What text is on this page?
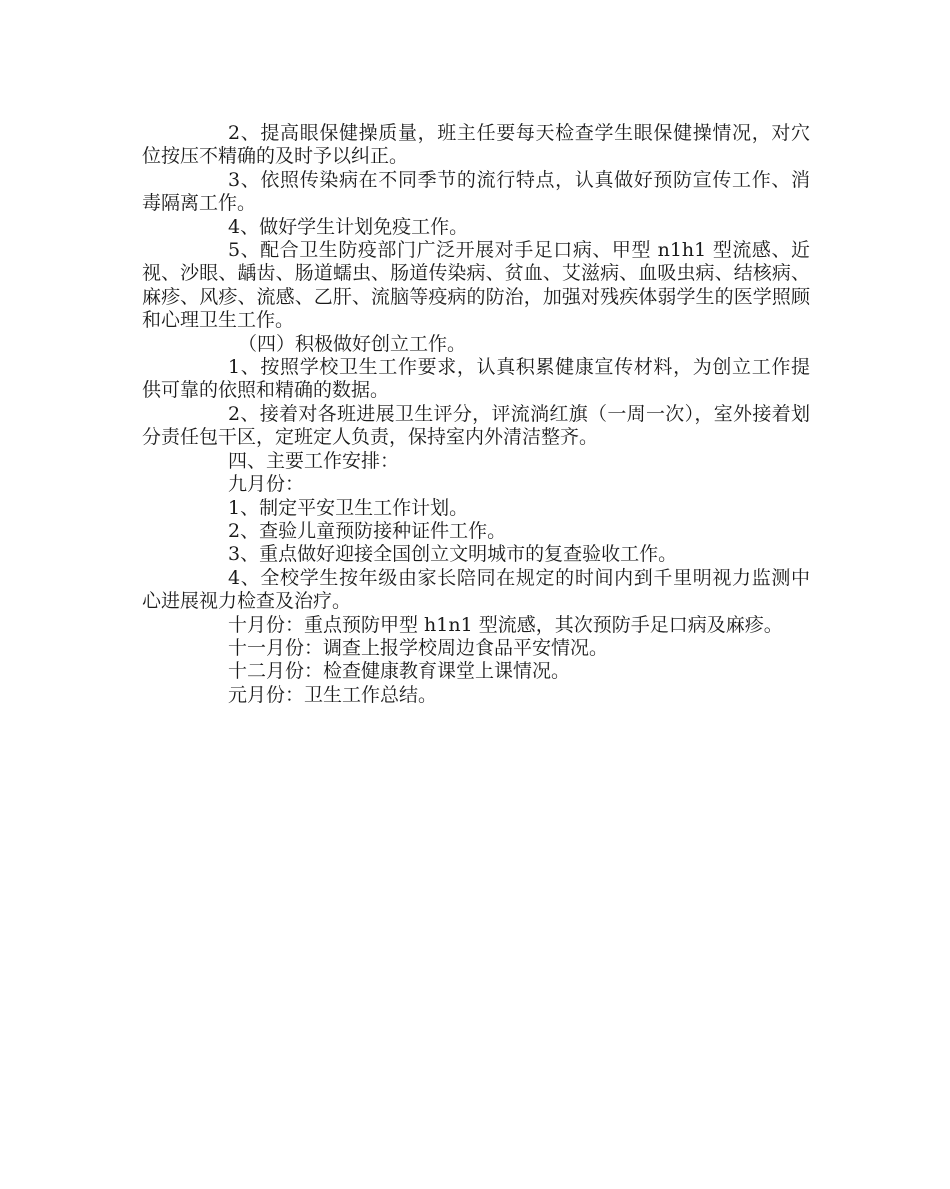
2、提高眼保健操质量，班主任要每天检查学生眼保健操情况，对穴位按压不精确的及时予以纠正。

3、依照传染病在不同季节的流行特点，认真做好预防宣传工作、消毒隔离工作。

4、做好学生计划免疫工作。

5、配合卫生防疫部门广泛开展对手足口病、甲型 n1h1 型流感、近视、沙眼、龋齿、肠道蠕虫、肠道传染病、贫血、艾滋病、血吸虫病、结核病、麻疹、风疹、流感、乙肝、流脑等疫病的防治，加强对残疾体弱学生的医学照顾和心理卫生工作。

（四）积极做好创立工作。

1、按照学校卫生工作要求，认真积累健康宣传材料，为创立工作提供可靠的依照和精确的数据。

2、接着对各班进展卫生评分，评流淌红旗（一周一次），室外接着划分责任包干区，定班定人负责，保持室内外清洁整齐。

四、主要工作安排：

九月份：

1、制定平安卫生工作计划。

2、查验儿童预防接种证件工作。

3、重点做好迎接全国创立文明城市的复查验收工作。

4、全校学生按年级由家长陪同在规定的时间内到千里明视力监测中心进展视力检查及治疗。

十月份：重点预防甲型 h1n1 型流感，其次预防手足口病及麻疹。

十一月份：调查上报学校周边食品平安情况。

十二月份：检查健康教育课堂上课情况。

元月份：卫生工作总结。
